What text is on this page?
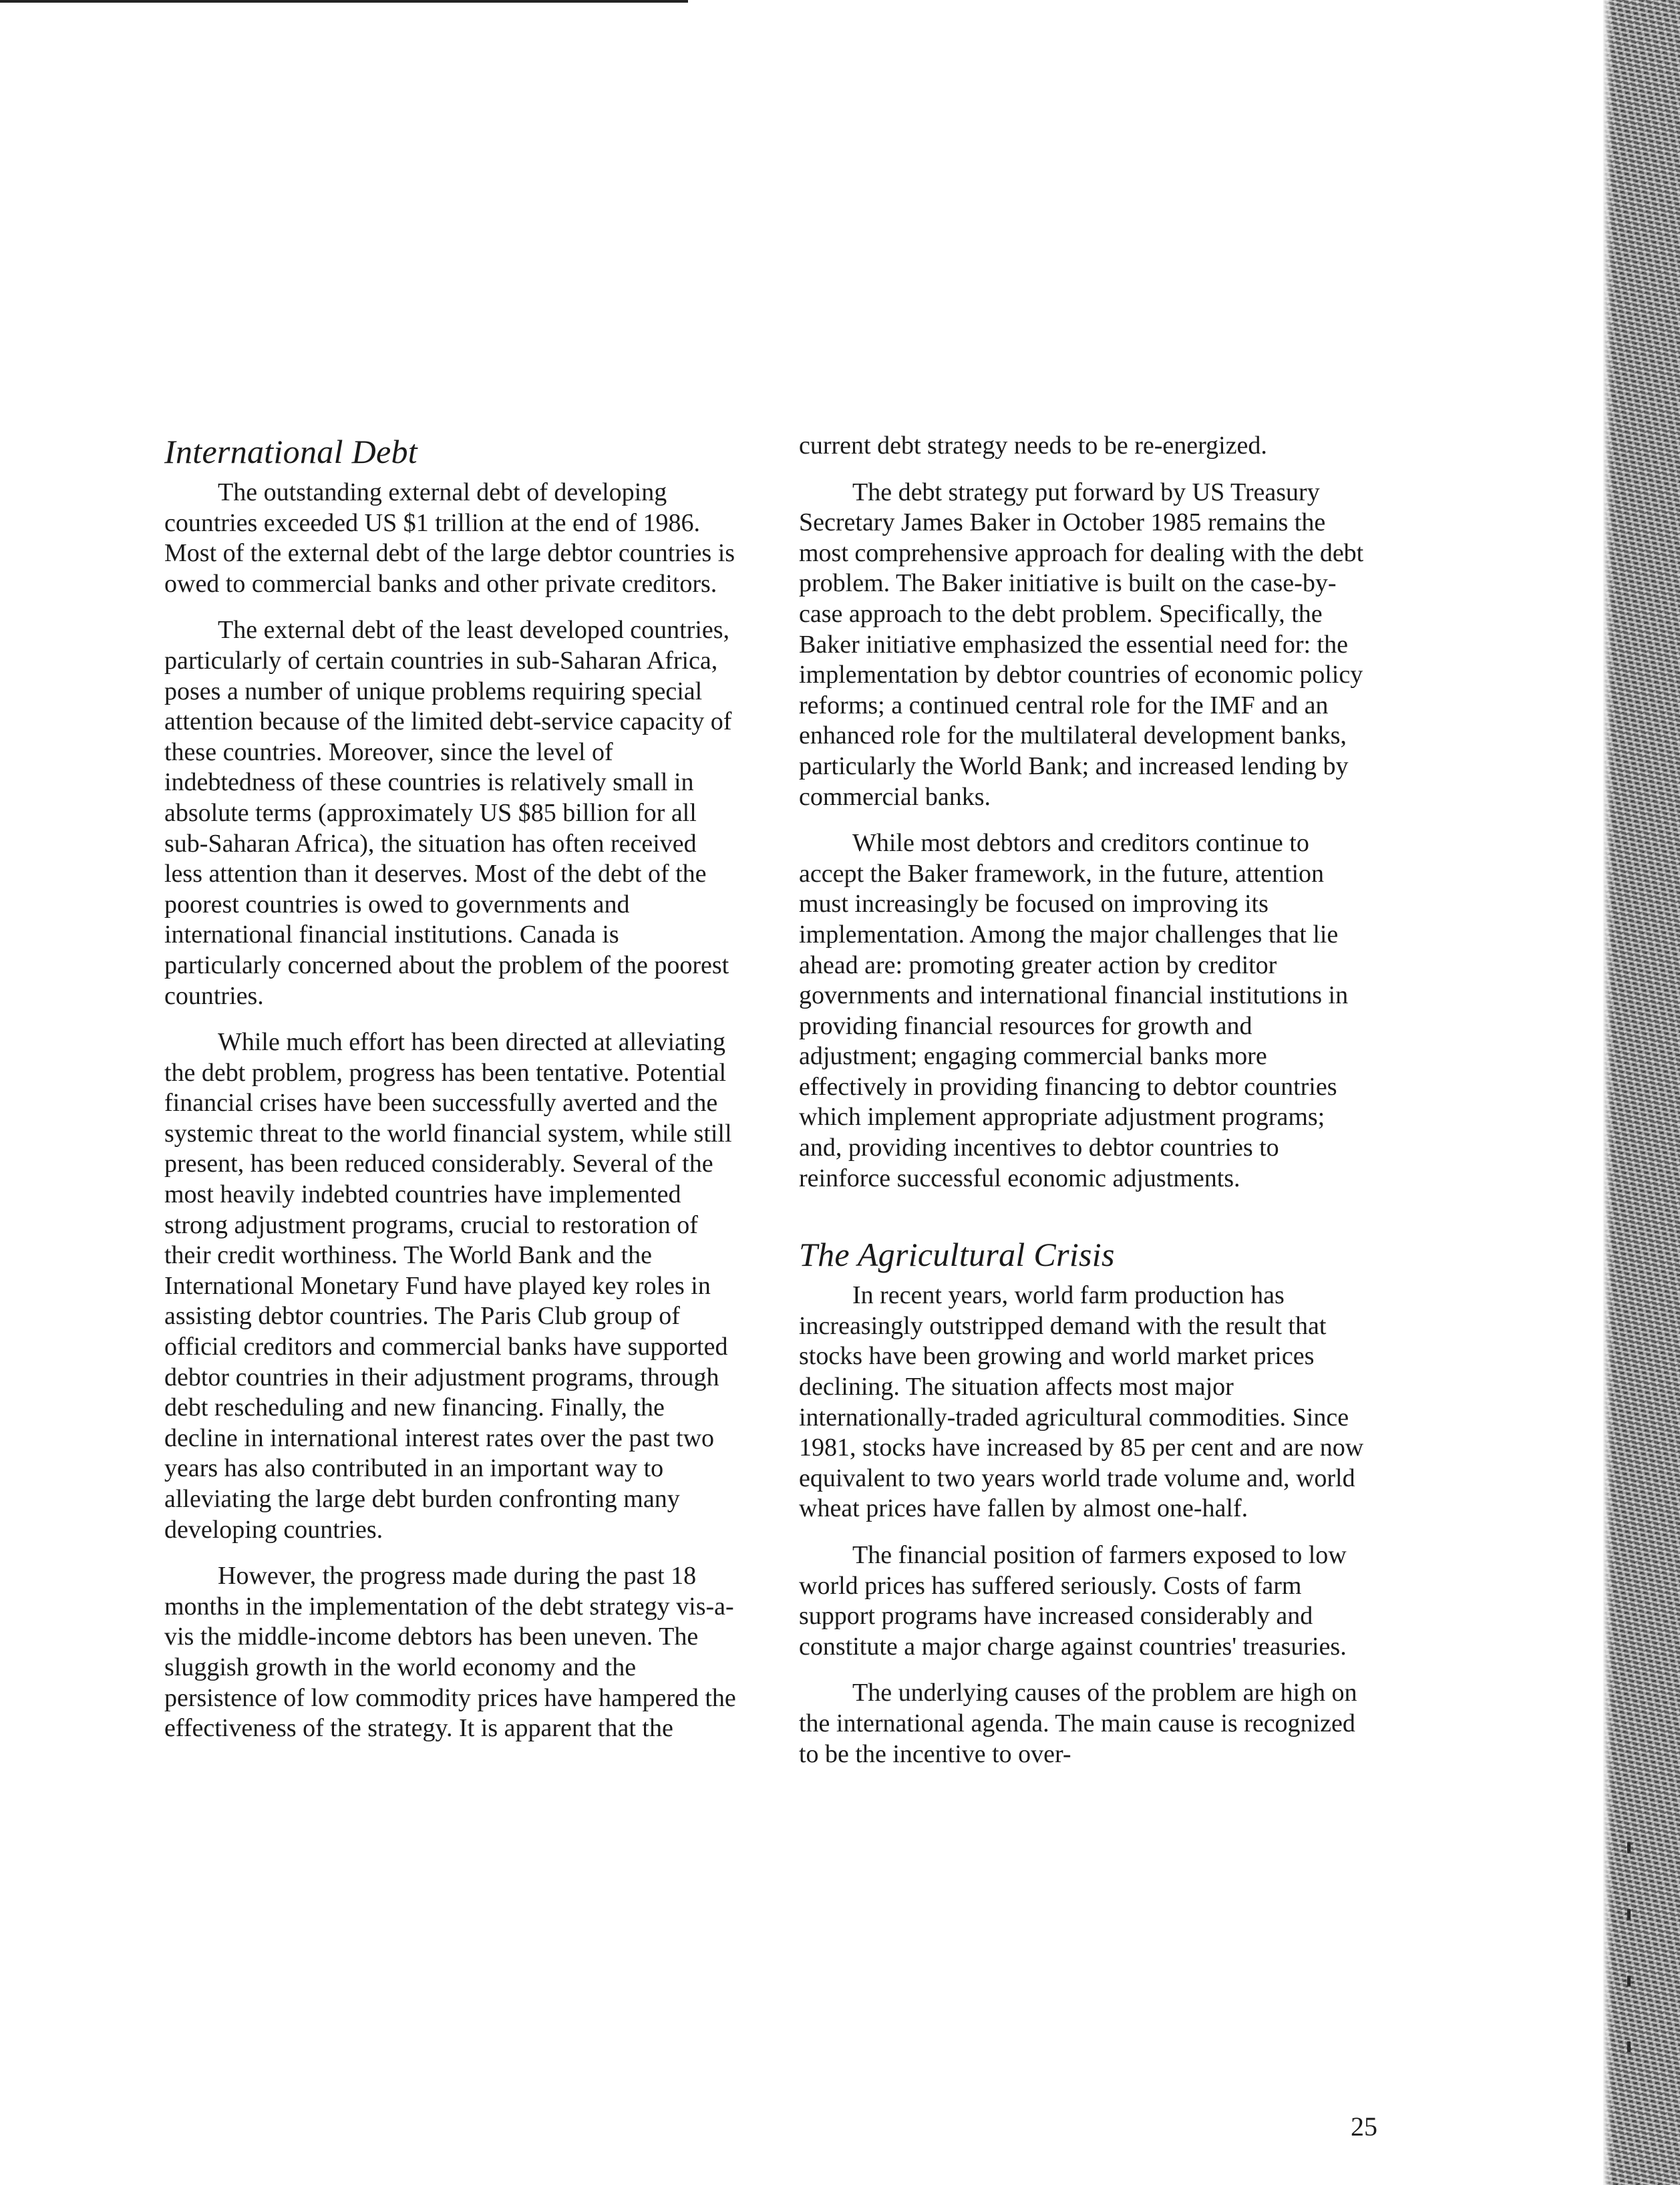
International Debt

The outstanding external debt of developing countries exceeded US $1 trillion at the end of 1986. Most of the external debt of the large debtor countries is owed to commercial banks and other private creditors.

The external debt of the least developed countries, particularly of certain countries in sub-Saharan Africa, poses a number of unique problems requiring special attention because of the limited debt-service capacity of these countries. Moreover, since the level of indebtedness of these countries is relatively small in absolute terms (approximately US $85 billion for all sub-Saharan Africa), the situation has often received less attention than it deserves. Most of the debt of the poorest countries is owed to governments and international financial institutions. Canada is particularly concerned about the problem of the poorest countries.

While much effort has been directed at alleviating the debt problem, progress has been tentative. Potential financial crises have been successfully averted and the systemic threat to the world financial system, while still present, has been reduced considerably. Several of the most heavily indebted countries have implemented strong adjustment programs, crucial to restoration of their credit worthiness. The World Bank and the International Monetary Fund have played key roles in assisting debtor countries. The Paris Club group of official creditors and commercial banks have supported debtor countries in their adjustment programs, through debt rescheduling and new financing. Finally, the decline in international interest rates over the past two years has also contributed in an important way to alleviating the large debt burden confronting many developing countries.

However, the progress made during the past 18 months in the implementation of the debt strategy vis-a-vis the middle-income debtors has been uneven. The sluggish growth in the world economy and the persistence of low commodity prices have hampered the effectiveness of the strategy. It is apparent that the

current debt strategy needs to be re-energized.

The debt strategy put forward by US Treasury Secretary James Baker in October 1985 remains the most comprehensive approach for dealing with the debt problem. The Baker initiative is built on the case-by-case approach to the debt problem. Specifically, the Baker initiative emphasized the essential need for: the implementation by debtor countries of economic policy reforms; a continued central role for the IMF and an enhanced role for the multilateral development banks, particularly the World Bank; and increased lending by commercial banks.

While most debtors and creditors continue to accept the Baker framework, in the future, attention must increasingly be focused on improving its implementation. Among the major challenges that lie ahead are: promoting greater action by creditor governments and international financial institutions in providing financial resources for growth and adjustment; engaging commercial banks more effectively in providing financing to debtor countries which implement appropriate adjustment programs; and, providing incentives to debtor countries to reinforce successful economic adjustments.

The Agricultural Crisis

In recent years, world farm production has increasingly outstripped demand with the result that stocks have been growing and world market prices declining. The situation affects most major internationally-traded agricultural commodities. Since 1981, stocks have increased by 85 per cent and are now equivalent to two years world trade volume and, world wheat prices have fallen by almost one-half.

The financial position of farmers exposed to low world prices has suffered seriously. Costs of farm support programs have increased considerably and constitute a major charge against countries' treasuries.

The underlying causes of the problem are high on the international agenda. The main cause is recognized to be the incentive to over-

25
